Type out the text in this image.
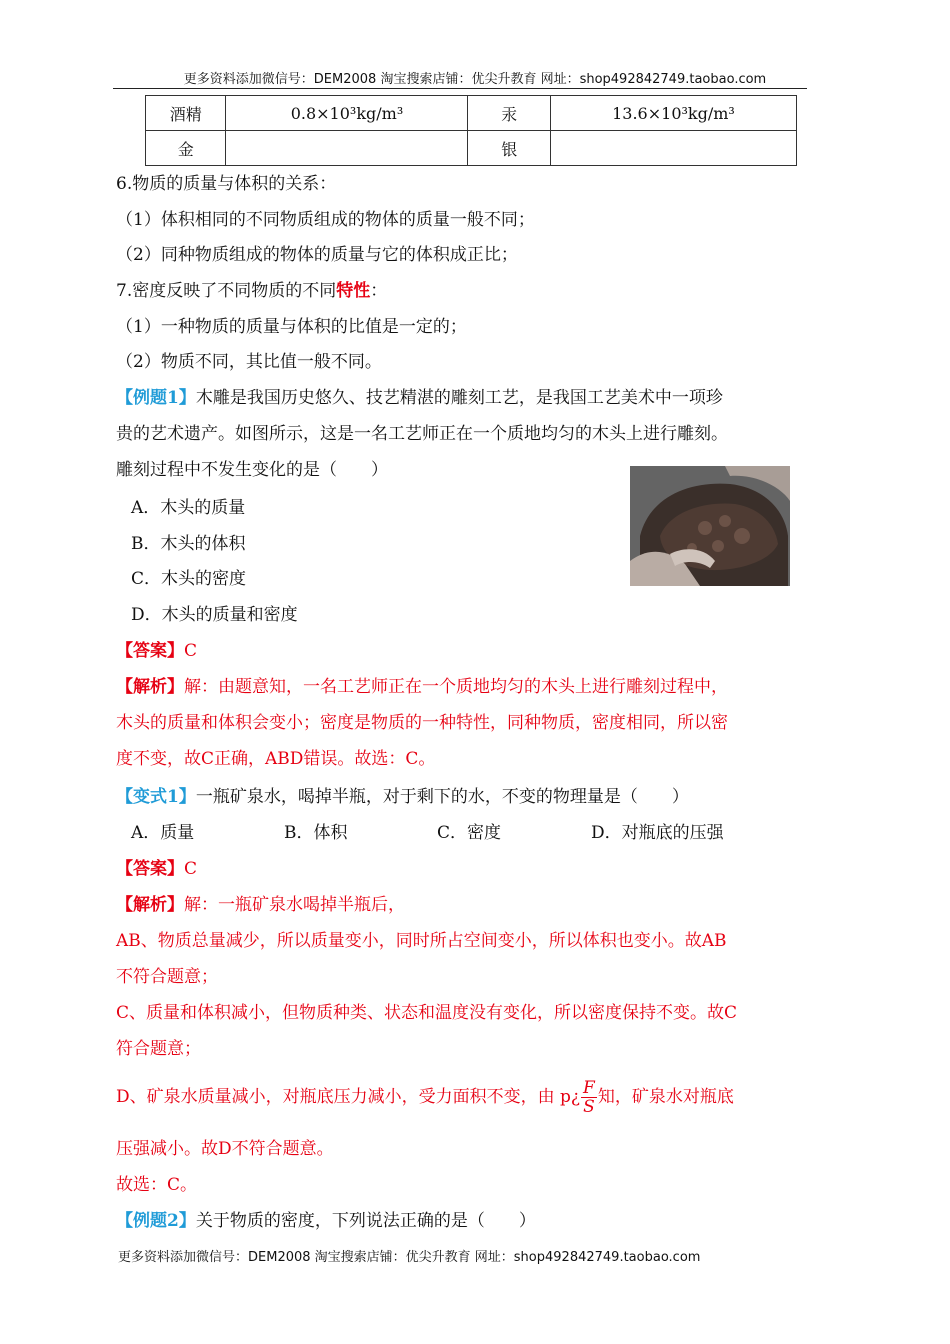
更多资料添加微信号：DEM2008 淘宝搜索店铺：优尖升教育 网址：shop492842749.taobao.com
酒精	0.8×10³kg/m³	汞	13.6×10³kg/m³
金		银	
6.物质的质量与体积的关系：
（1）体积相同的不同物质组成的物体的质量一般不同；
（2）同种物质组成的物体的质量与它的体积成正比；
7.密度反映了不同物质的不同特性：
（1）一种物质的质量与体积的比值是一定的；
（2）物质不同，其比值一般不同。
【例题1】木雕是我国历史悠久、技艺精湛的雕刻工艺，是我国工艺美术中一项珍
贵的艺术遗产。如图所示，这是一名工艺师正在一个质地均匀的木头上进行雕刻。
雕刻过程中不发生变化的是（　　）
A．木头的质量
B．木头的体积
C．木头的密度
D．木头的质量和密度
【答案】C
【解析】解：由题意知，一名工艺师正在一个质地均匀的木头上进行雕刻过程中，
木头的质量和体积会变小；密度是物质的一种特性，同种物质，密度相同，所以密
度不变，故C正确，ABD错误。故选：C。
【变式1】一瓶矿泉水，喝掉半瓶，对于剩下的水，不变的物理量是（　　）
A．质量	B．体积	C．密度	D．对瓶底的压强
【答案】C
【解析】解：一瓶矿泉水喝掉半瓶后，
AB、物质总量减少，所以质量变小，同时所占空间变小，所以体积也变小。故AB
不符合题意；
C、质量和体积减小，但物质种类、状态和温度没有变化，所以密度保持不变。故C
符合题意；
D、矿泉水质量减小，对瓶底压力减小，受力面积不变，由 p¿ $\frac{F}{S}$ 知，矿泉水对瓶底
压强减小。故D不符合题意。
故选：C。
【例题2】关于物质的密度，下列说法正确的是（　　）
更多资料添加微信号：DEM2008 淘宝搜索店铺：优尖升教育 网址：shop492842749.taobao.com
